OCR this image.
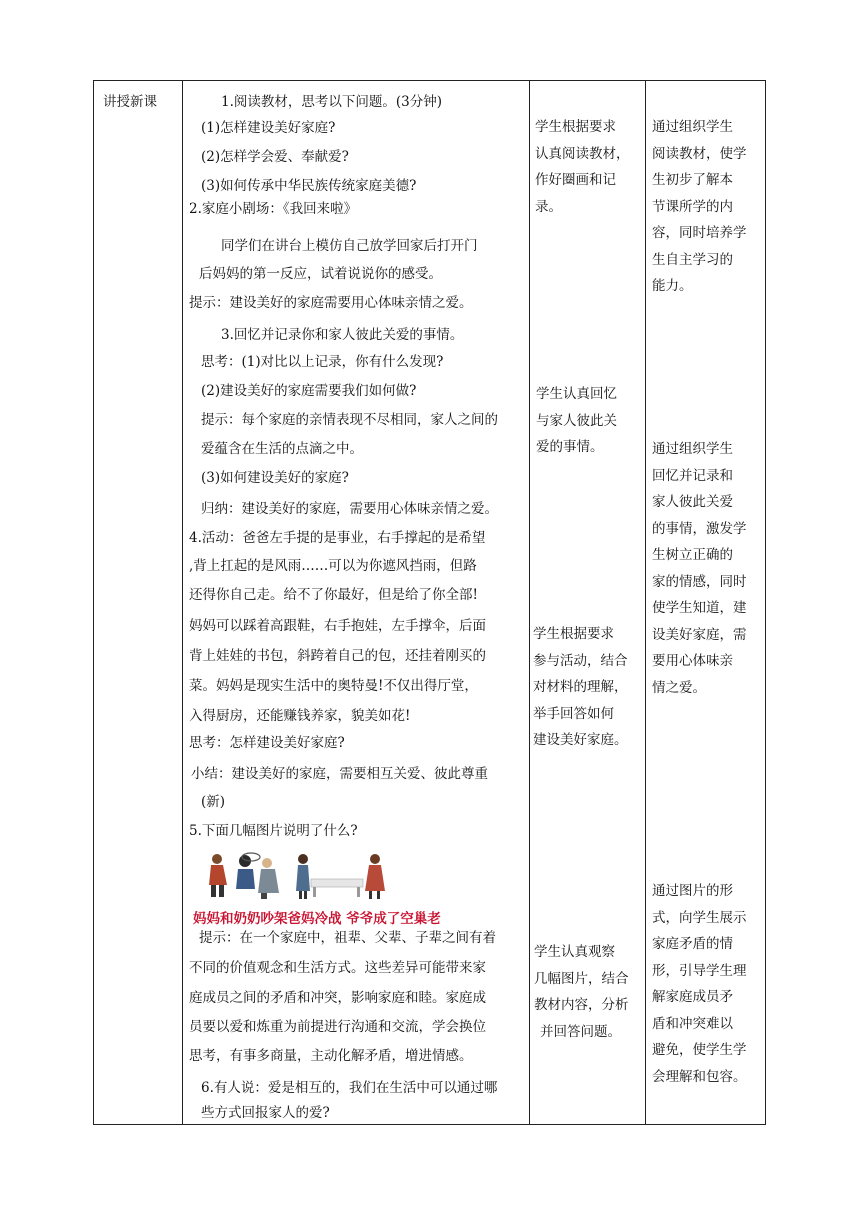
讲授新课	1.阅读教材，思考以下问题。(3分钟)
(1)怎样建设美好家庭?
(2)怎样学会爱、奉献爱?
(3)如何传承中华民族传统家庭美德?
2.家庭小剧场：《我回来啦》
同学们在讲台上模仿自己放学回家后打开门
后妈妈的第一反应，试着说说你的感受。
提示：建设美好的家庭需要用心体味亲情之爱。
3.回忆并记录你和家人彼此关爱的事情。
思考：(1)对比以上记录，你有什么发现?
(2)建设美好的家庭需要我们如何做?
提示：每个家庭的亲情表现不尽相同，家人之间的
爱蕴含在生活的点滴之中。
(3)如何建设美好的家庭?
归纳：建设美好的家庭，需要用心体味亲情之爱。
4.活动：爸爸左手提的是事业，右手撑起的是希望
,背上扛起的是风雨……可以为你遮风挡雨，但路
还得你自己走。给不了你最好，但是给了你全部!
妈妈可以踩着高跟鞋，右手抱娃，左手撑伞，后面
背上娃娃的书包，斜跨着自己的包，还挂着刚买的
菜。妈妈是现实生活中的奥特曼!不仅出得厅堂，
入得厨房，还能赚钱养家，貌美如花!
思考：怎样建设美好家庭?
小结：建设美好的家庭，需要相互关爱、彼此尊重
(新)
5.下面几幅图片说明了什么?
妈妈和奶奶吵架爸妈冷战 爷爷成了空巢老
提示：在一个家庭中，祖辈、父辈、子辈之间有着
不同的价值观念和生活方式。这些差异可能带来家
庭成员之间的矛盾和冲突，影响家庭和睦。家庭成
员要以爱和炼重为前提进行沟通和交流，学会换位
思考，有事多商量，主动化解矛盾，增进情感。
6.有人说：爱是相互的，我们在生活中可以通过哪
些方式回报家人的爱?
学生根据要求
认真阅读教材，
作好圈画和记
录。
学生认真回忆
与家人彼此关
爱的事情。
学生根据要求
参与活动，结合
对材料的理解，
举手回答如何
建设美好家庭。
学生认真观察
几幅图片，结合
教材内容，分析
并回答问题。
通过组织学生
阅读教材，使学
生初步了解本
节课所学的内
容，同时培养学
生自主学习的
能力。
通过组织学生
回忆并记录和
家人彼此关爱
的事情，激发学
生树立正确的
家的情感，同时
使学生知道，建
设美好家庭，需
要用心体味亲
情之爱。
通过图片的形
式，向学生展示
家庭矛盾的情
形，引导学生理
解家庭成员矛
盾和冲突难以
避免，使学生学
会理解和包容。
